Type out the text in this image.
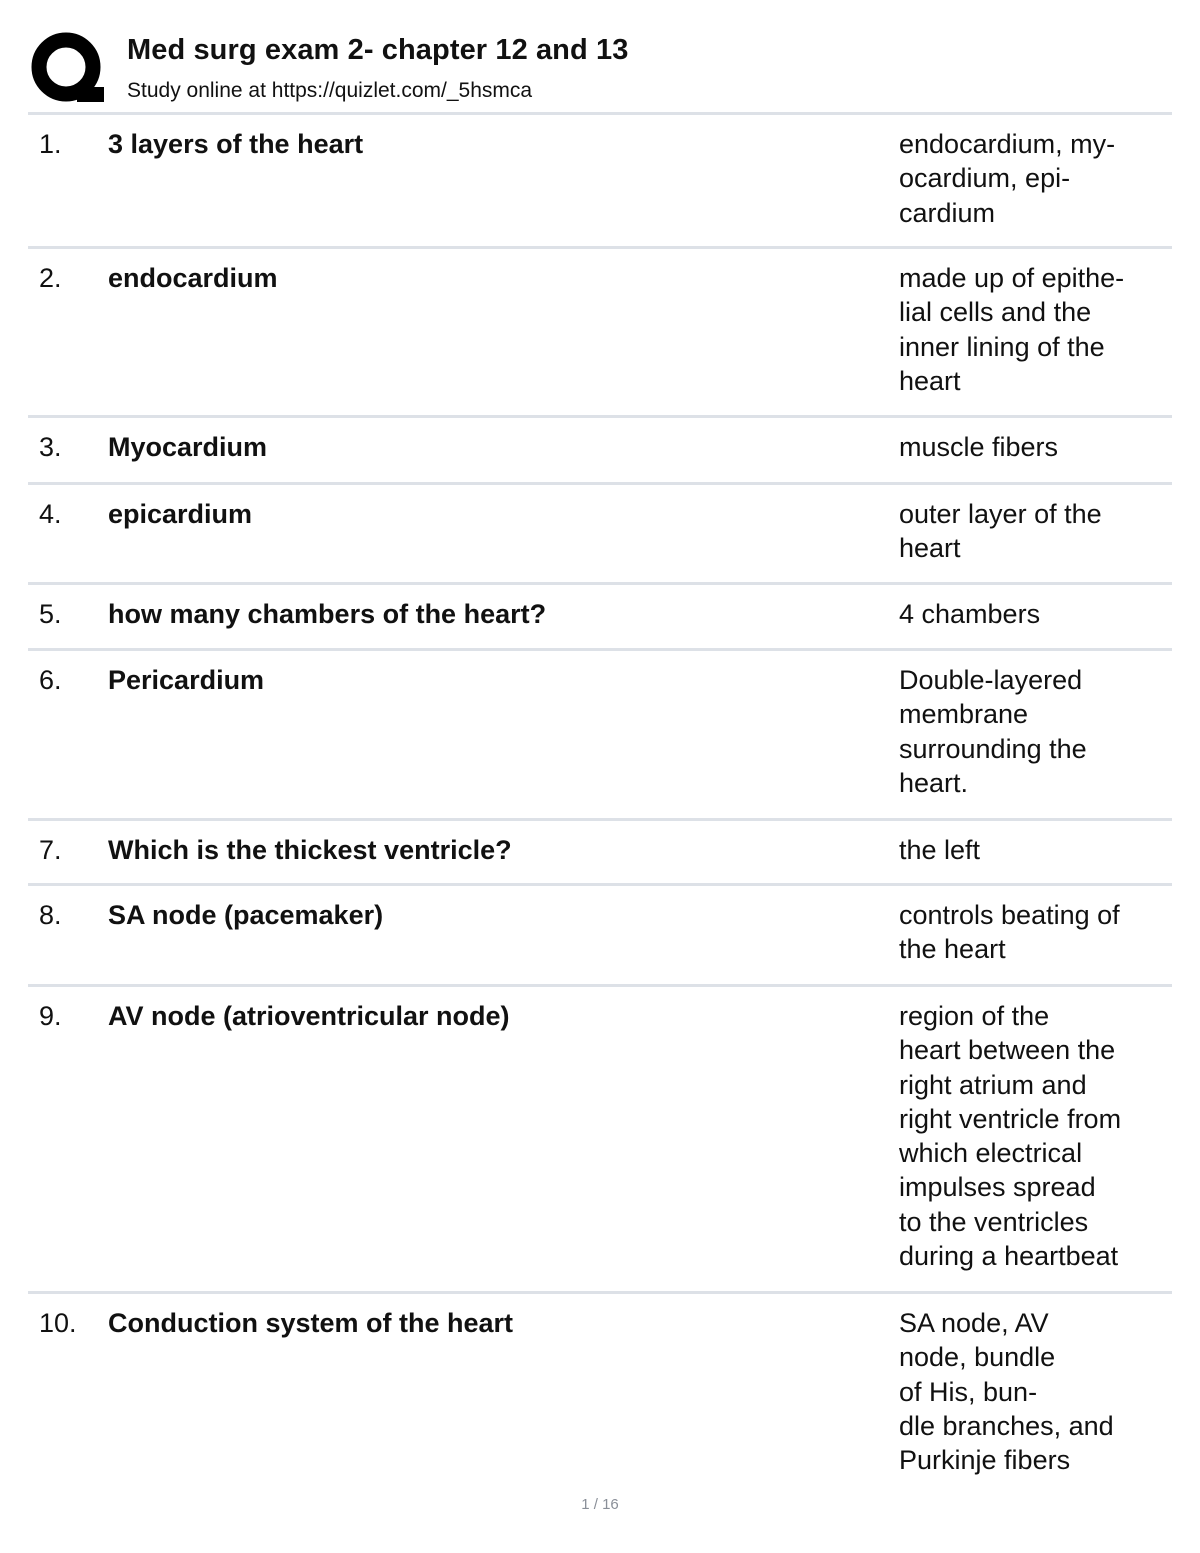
Med surg exam 2- chapter 12 and 13
Study online at https://quizlet.com/_5hsmca
1. 3 layers of the heart	endocardium, my-
ocardium, epi-
cardium
2. endocardium	made up of epithe-
lial cells and the
inner lining of the
heart
3. Myocardium	muscle fibers
4. epicardium	outer layer of the
heart
5. how many chambers of the heart?	4 chambers
6. Pericardium	Double-layered
membrane
surrounding the
heart.
7. Which is the thickest ventricle?	the left
8. SA node (pacemaker)	controls beating of
the heart
9. AV node (atrioventricular node)	region of the
heart between the
right atrium and
right ventricle from
which electrical
impulses spread
to the ventricles
during a heartbeat
10. Conduction system of the heart	SA node, AV
node, bundle
of His, bun-
dle branches, and
Purkinje fibers
1 / 16
